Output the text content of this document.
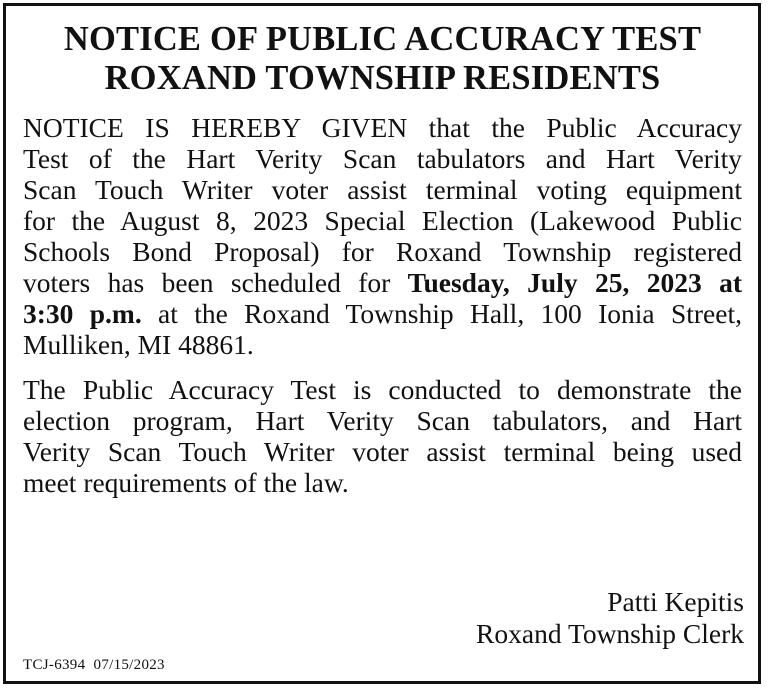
NOTICE OF PUBLIC ACCURACY TEST
ROXAND TOWNSHIP RESIDENTS
NOTICE IS HEREBY GIVEN that the Public Accuracy
Test of the Hart Verity Scan tabulators and Hart Verity
Scan Touch Writer voter assist terminal voting equipment
for the August 8, 2023 Special Election (Lakewood Public
Schools Bond Proposal) for Roxand Township registered
voters has been scheduled for Tuesday, July 25, 2023 at
3:30 p.m. at the Roxand Township Hall, 100 Ionia Street,
Mulliken, MI 48861.
The Public Accuracy Test is conducted to demonstrate the
election program, Hart Verity Scan tabulators, and Hart
Verity Scan Touch Writer voter assist terminal being used
meet requirements of the law.
Patti Kepitis
Roxand Township Clerk
TCJ-6394 07/15/2023
